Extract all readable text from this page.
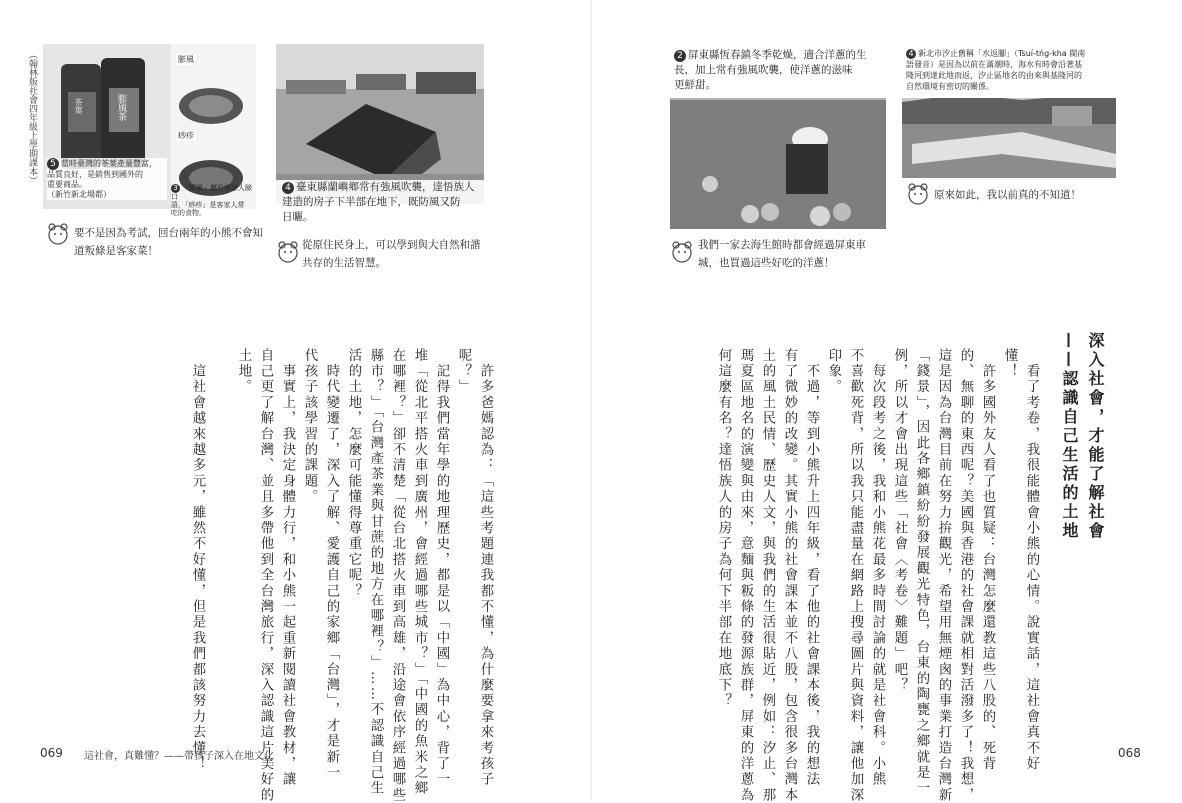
（翰林版社會四年級上學期課本）	茶葉	膨風茶
膨風
痧疹
5 當時臺灣的茶葉產量豐富，
品質良好，是銷售到國外的
重要商品。
（新竹新北場都）
3 「膨風」屬於客家人臉口
語，「痧疹」是客家人常
吃的食物。
4 臺東縣蘭嶼鄉常有強風吹襲，達悟族人
建造的房子下半部在地下，既防風又防
日曬。
要不是因為考試，回台兩年的小熊不會知
道叛條是客家菜！	從原住民身上，可以學到與大自然和諧
共存的生活智慧。
2 屏東縣恆春鎮冬季乾燥，適合洋蔥的生
長，加上常有強風吹襲，使洋蔥的滋味
更鮮甜。
4 新北市汐止舊稱「水返腳」（Tsuí-tńg-kha 閩南
語發音）是因為以前在滿潮時，海水有時會沿著基
隆河到達此地而返，汐止區地名的由來與基隆河的
自然環境有密切的關係。
我們一家去海生館時都會經過屏東車
城，也買過這些好吃的洋蔥！
原來如此，我以前真的不知道！
深入社會，才能了解社會
——認識自己生活的土地
　看了考卷，我很能體會小熊的心情。說實話，這社會真不好
懂！
　許多國外友人看了也質疑：台灣怎麼還教這些八股的、死背
的、無聊的東西呢？美國與香港的社會課就相對活潑多了！我想，
這是因為台灣目前在努力拚觀光，希望用無煙囪的事業打造台灣新
「錢景」，因此各鄉鎮紛紛發展觀光特色，台東的陶甕之鄉就是一
例，所以才會出現這些「社會〈考卷〉難題」吧？
　每次段考之後，我和小熊花最多時間討論的就是社會科。小熊
不喜歡死背，所以我只能盡量在網路上搜尋圖片與資料，讓他加深
印象。
　不過，等到小熊升上四年級，看了他的社會課本後，我的想法
有了微妙的改變。其實小熊的社會課本並不八股，包含很多台灣本
土的風土民情、歷史人文，與我們的生活很貼近，例如：汐止、那
瑪夏區地名的演變與由來，意麵與粄條的發源族群，屏東的洋蔥為
何這麼有名？達悟族人的房子為何下半部在地底下？
　許多爸媽認為：「這些考題連我都不懂，為什麼要拿來考孩子
呢？」
　記得我們當年學的地理歷史，都是以「中國」為中心，背了一
堆「從北平搭火車到廣州，會經過哪些城市？」「中國的魚米之鄉
在哪裡？」卻不清楚「從台北搭火車到高雄，沿途會依序經過哪些
縣市？」「台灣產茶業與甘蔗的地方在哪裡？」……不認識自己生
活的土地，怎麼可能懂得尊重它呢？
　時代變遷了，深入了解、愛護自己的家鄉「台灣」，才是新一
代孩子該學習的課題。
　事實上，我決定身體力行，和小熊一起重新閱讀社會教材，讓
自己更了解台灣、並且多帶他到全台灣旅行，深入認識這片美好的
土地。
　這社會越來越多元，雖然不好懂，但是我們都該努力去懂！
069 這社會，真難懂？——帶孩子深入在地文化	068
